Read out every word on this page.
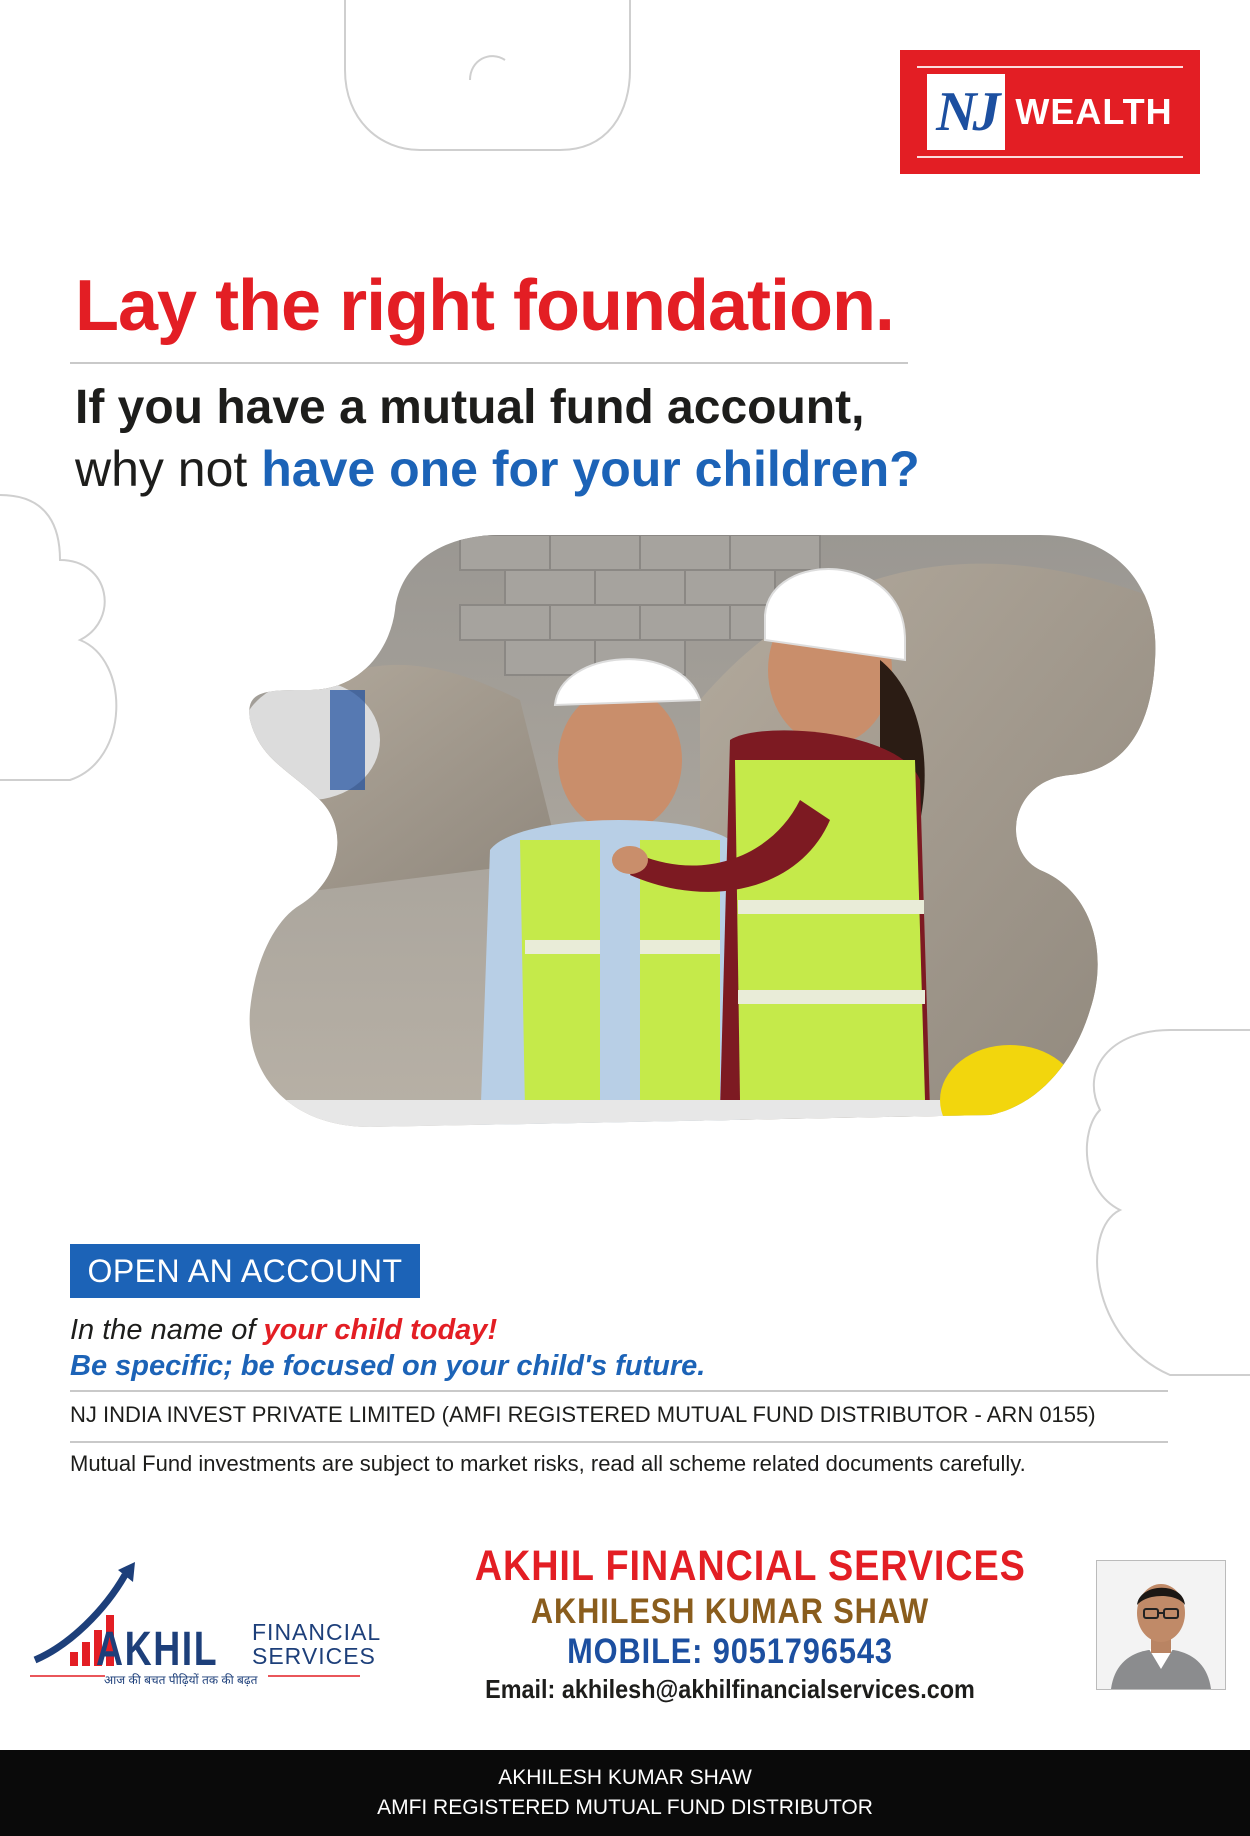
NJ WEALTH
Lay the right foundation.
If you have a mutual fund account,
why not have one for your children?
OPEN AN ACCOUNT
In the name of your child today!
Be specific; be focused on your child's future.
NJ INDIA INVEST PRIVATE LIMITED (AMFI REGISTERED MUTUAL FUND DISTRIBUTOR - ARN 0155)
Mutual Fund investments are subject to market risks, read all scheme related documents carefully.
AKHIL FINANCIAL
SERVICES
आज की बचत पीढ़ियों तक की बढ़त
AKHIL FINANCIAL SERVICES
AKHILESH KUMAR SHAW
MOBILE: 9051796543
Email: akhilesh@akhilfinancialservices.com
AKHILESH KUMAR SHAW
AMFI REGISTERED MUTUAL FUND DISTRIBUTOR
